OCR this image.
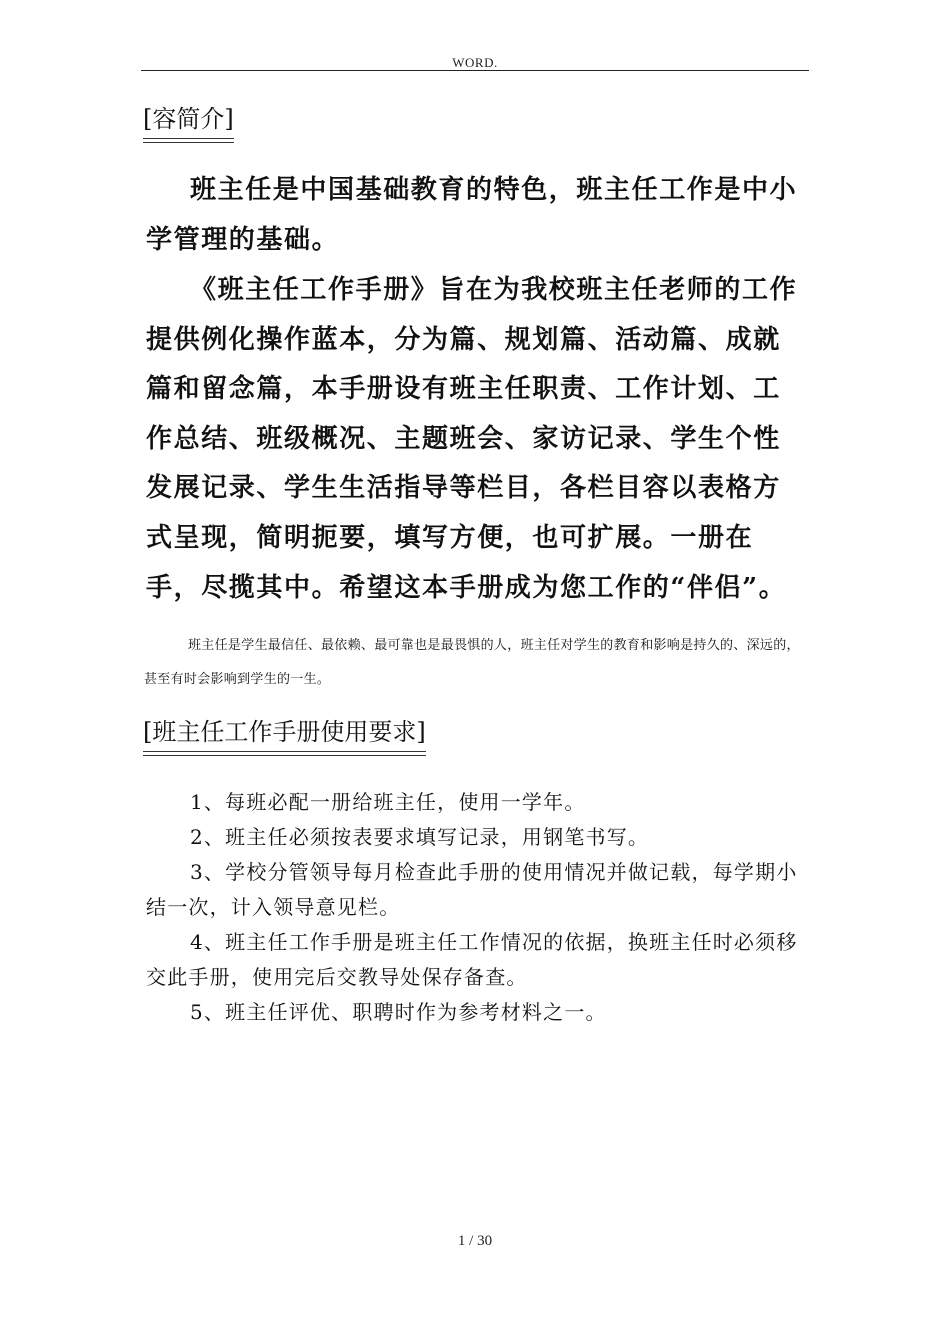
WORD.
[容简介]

班主任是中国基础教育的特色，班主任工作是中小学管理的基础。

《班主任工作手册》旨在为我校班主任老师的工作提供例化操作蓝本，分为篇、规划篇、活动篇、成就篇和留念篇，本手册设有班主任职责、工作计划、工作总结、班级概况、主题班会、家访记录、学生个性发展记录、学生生活指导等栏目，各栏目容以表格方式呈现，简明扼要，填写方便，也可扩展。一册在手，尽揽其中。希望这本手册成为您工作的“伴侣”。

班主任是学生最信任、最依赖、最可靠也是最畏惧的人，班主任对学生的教育和影响是持久的、深远的，甚至有时会影响到学生的一生。

[班主任工作手册使用要求]

1、每班必配一册给班主任，使用一学年。

2、班主任必须按表要求填写记录，用钢笔书写。

3、学校分管领导每月检查此手册的使用情况并做记载，每学期小结一次，计入领导意见栏。

4、班主任工作手册是班主任工作情况的依据，换班主任时必须移交此手册，使用完后交教导处保存备查。

5、班主任评优、职聘时作为参考材料之一。

1 / 30
